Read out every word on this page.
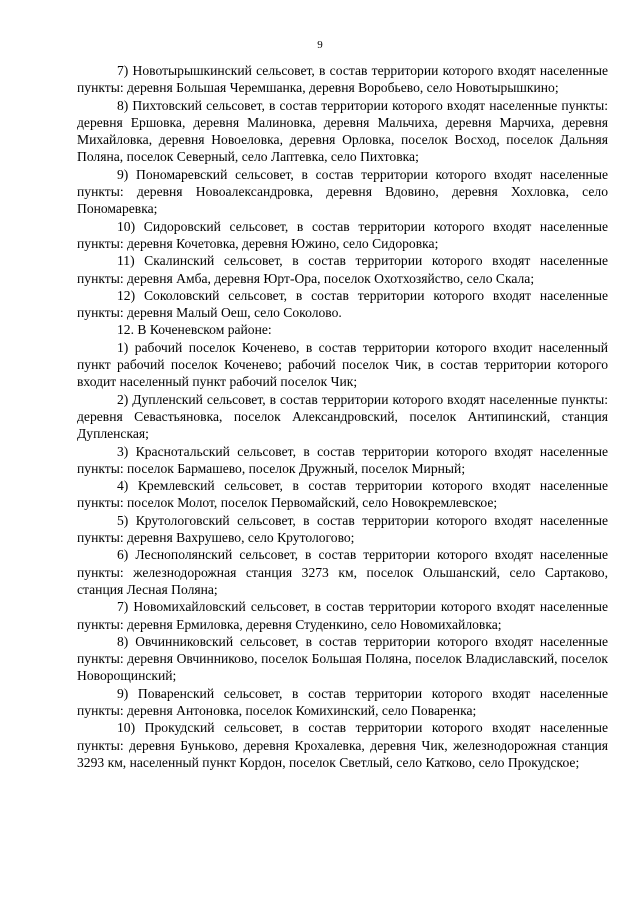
9

7) Новотырышкинский сельсовет, в состав территории которого входят населенные пункты: деревня Большая Черемшанка, деревня Воробьево, село Новотырышкино;

8) Пихтовский сельсовет, в состав территории которого входят населенные пункты: деревня Ершовка, деревня Малиновка, деревня Мальчиха, деревня Марчиха, деревня Михайловка, деревня Новоеловка, деревня Орловка, поселок Восход, поселок Дальняя Поляна, поселок Северный, село Лаптевка, село Пихтовка;

9) Пономаревский сельсовет, в состав территории которого входят населенные пункты: деревня Новоалександровка, деревня Вдовино, деревня Хохловка, село Пономаревка;

10) Сидоровский сельсовет, в состав территории которого входят населенные пункты: деревня Кочетовка, деревня Южино, село Сидоровка;

11) Скалинский сельсовет, в состав территории которого входят населенные пункты: деревня Амба, деревня Юрт-Ора, поселок Охотхозяйство, село Скала;

12) Соколовский сельсовет, в состав территории которого входят населенные пункты: деревня Малый Оеш, село Соколово.

12. В Коченевском районе:

1) рабочий поселок Коченево, в состав территории которого входит населенный пункт рабочий поселок Коченево; рабочий поселок Чик, в состав территории которого входит населенный пункт рабочий поселок Чик;

2) Дупленский сельсовет, в состав территории которого входят населенные пункты: деревня Севастьяновка, поселок Александровский, поселок Антипинский, станция Дупленская;

3) Краснотальский сельсовет, в состав территории которого входят населенные пункты: поселок Бармашево, поселок Дружный, поселок Мирный;

4) Кремлевский сельсовет, в состав территории которого входят населенные пункты: поселок Молот, поселок Первомайский, село Новокремлевское;

5) Крутологовский сельсовет, в состав территории которого входят населенные пункты: деревня Вахрушево, село Крутологово;

6) Леснополянский сельсовет, в состав территории которого входят населенные пункты: железнодорожная станция 3273 км, поселок Ольшанский, село Сартаково, станция Лесная Поляна;

7) Новомихайловский сельсовет, в состав территории которого входят населенные пункты: деревня Ермиловка, деревня Студенкино, село Новомихайловка;

8) Овчинниковский сельсовет, в состав территории которого входят населенные пункты: деревня Овчинниково, поселок Большая Поляна, поселок Владиславский, поселок Новорощинский;

9) Поваренский сельсовет, в состав территории которого входят населенные пункты: деревня Антоновка, поселок Комихинский, село Поваренка;

10) Прокудский сельсовет, в состав территории которого входят населенные пункты: деревня Бунькoво, деревня Крохалевка, деревня Чик, железнодорожная станция 3293 км, населенный пункт Кордон, поселок Светлый, село Катково, село Прокудское;
